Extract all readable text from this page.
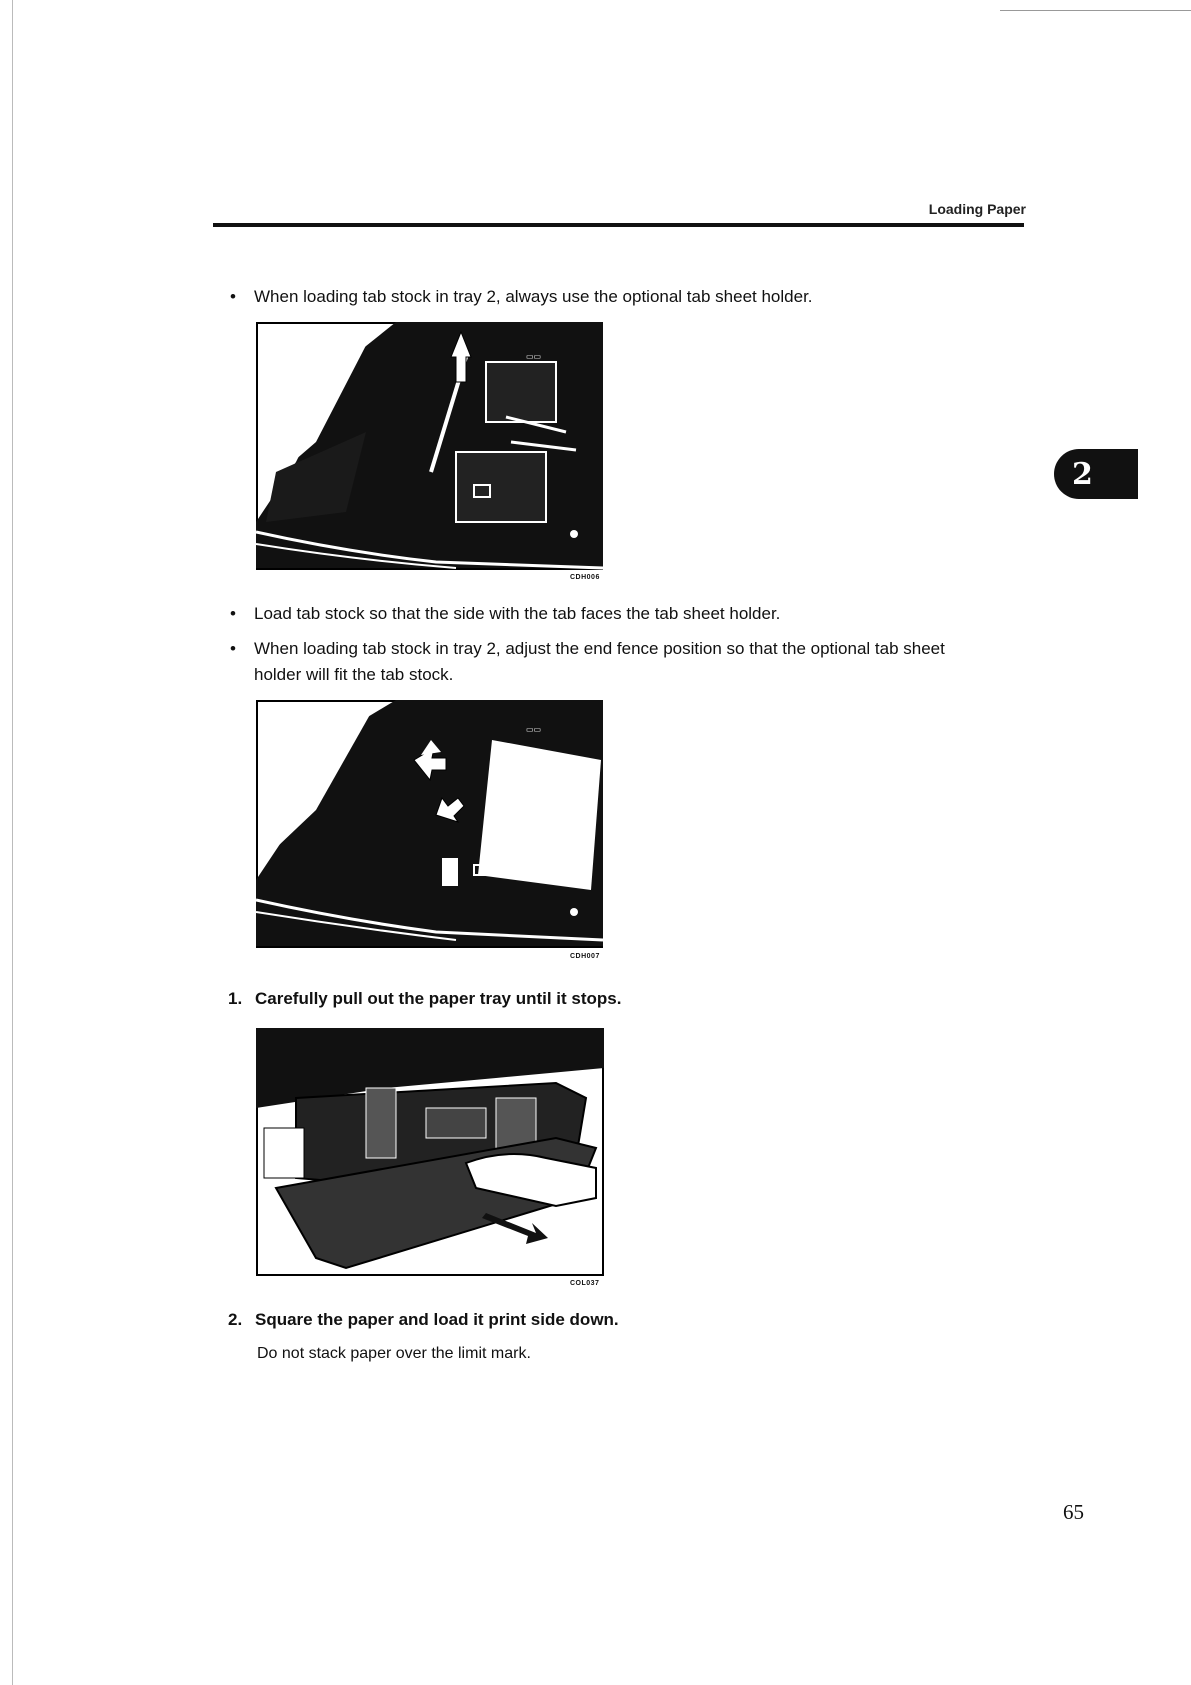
Loading Paper
2
• When loading tab stock in tray 2, always use the optional tab sheet holder.
▭▭
CDH006
• Load tab stock so that the side with the tab faces the tab sheet holder.
• When loading tab stock in tray 2, adjust the end fence position so that the optional tab sheet holder will fit the tab stock.
▭▭
CDH007
1. Carefully pull out the paper tray until it stops.
COL037
2. Square the paper and load it print side down.
Do not stack paper over the limit mark.
65
